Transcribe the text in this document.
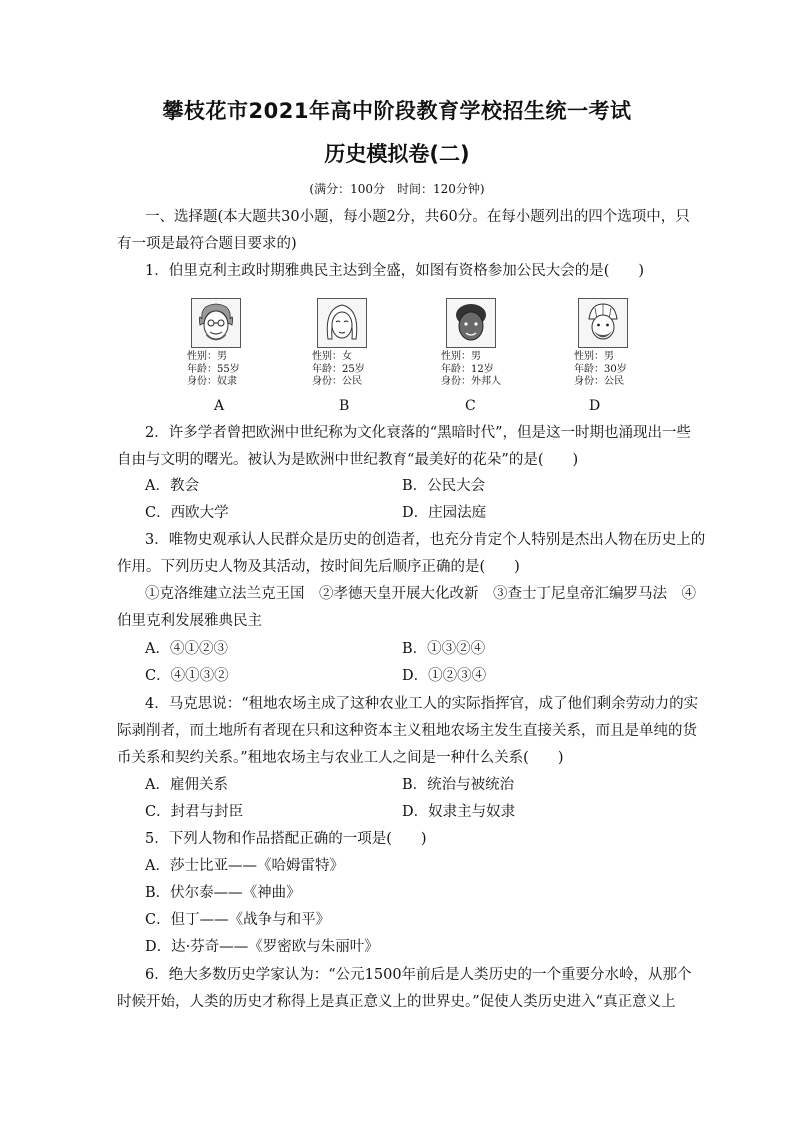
攀枝花市2021年高中阶段教育学校招生统一考试
历史模拟卷(二)
(满分：100分　时间：120分钟)
一、选择题(本大题共30小题，每小题2分，共60分。在每小题列出的四个选项中，只
有一项是最符合题目要求的)
1．伯里克利主政时期雅典民主达到全盛，如图有资格参加公民大会的是(　　)
性别：男
年龄：55岁
身份：奴隶
A
性别：女
年龄：25岁
身份：公民
B
性别：男
年龄：12岁
身份：外邦人
C
性别：男
年龄：30岁
身份：公民
D
2．许多学者曾把欧洲中世纪称为文化衰落的“黑暗时代”，但是这一时期也涌现出一些
自由与文明的曙光。被认为是欧洲中世纪教育“最美好的花朵”的是(　　)
A．教会	B．公民大会
C．西欧大学	D．庄园法庭
3．唯物史观承认人民群众是历史的创造者，也充分肯定个人特别是杰出人物在历史上的
作用。下列历史人物及其活动，按时间先后顺序正确的是(　　)
①克洛维建立法兰克王国　②孝德天皇开展大化改新　③查士丁尼皇帝汇编罗马法　④
伯里克利发展雅典民主
A．④①②③	B．①③②④
C．④①③②	D．①②③④
4．马克思说：“租地农场主成了这种农业工人的实际指挥官，成了他们剩余劳动力的实
际剥削者，而土地所有者现在只和这种资本主义租地农场主发生直接关系，而且是单纯的货
币关系和契约关系。”租地农场主与农业工人之间是一种什么关系(　　)
A．雇佣关系	B．统治与被统治
C．封君与封臣	D．奴隶主与奴隶
5．下列人物和作品搭配正确的一项是(　　)
A．莎士比亚——《哈姆雷特》
B．伏尔泰——《神曲》
C．但丁——《战争与和平》
D．达·芬奇——《罗密欧与朱丽叶》
6．绝大多数历史学家认为：“公元1500年前后是人类历史的一个重要分水岭，从那个
时候开始，人类的历史才称得上是真正意义上的世界史。”促使人类历史进入“真正意义上
